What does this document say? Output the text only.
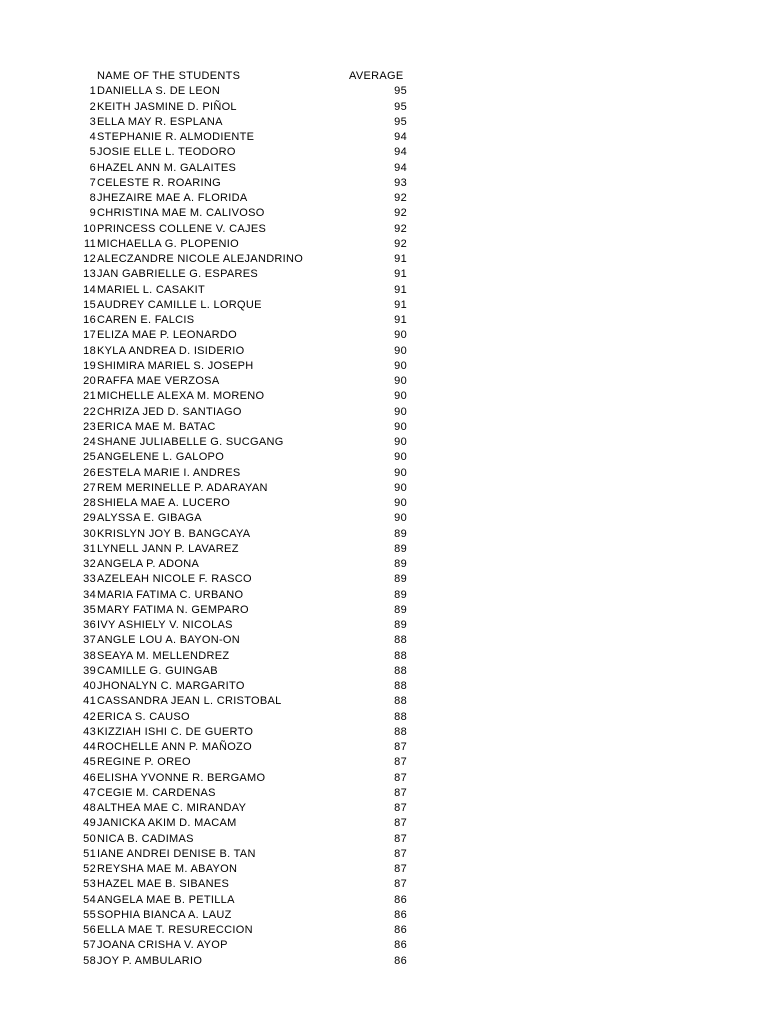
NAME OF THE STUDENTS	AVERAGE
1 DANIELLA S. DE LEON	95
2 KEITH JASMINE D. PIÑOL	95
3 ELLA MAY R. ESPLANA	95
4 STEPHANIE R. ALMODIENTE	94
5 JOSIE ELLE L. TEODORO	94
6 HAZEL ANN M. GALAITES	94
7 CELESTE R. ROARING	93
8 JHEZAIRE MAE A. FLORIDA	92
9 CHRISTINA MAE M. CALIVOSO	92
10 PRINCESS COLLENE V. CAJES	92
11 MICHAELLA G. PLOPENIO	92
12 ALECZANDRE NICOLE ALEJANDRINO	91
13 JAN GABRIELLE G. ESPARES	91
14 MARIEL L. CASAKIT	91
15 AUDREY CAMILLE L. LORQUE	91
16 CAREN E. FALCIS	91
17 ELIZA MAE P. LEONARDO	90
18 KYLA ANDREA D. ISIDERIO	90
19 SHIMIRA MARIEL S. JOSEPH	90
20 RAFFA MAE VERZOSA	90
21 MICHELLE ALEXA M. MORENO	90
22 CHRIZA JED D. SANTIAGO	90
23 ERICA MAE M. BATAC	90
24 SHANE JULIABELLE G. SUCGANG	90
25 ANGELENE L. GALOPO	90
26 ESTELA MARIE I. ANDRES	90
27 REM MERINELLE P. ADARAYAN	90
28 SHIELA MAE A. LUCERO	90
29 ALYSSA E. GIBAGA	90
30 KRISLYN JOY B. BANGCAYA	89
31 LYNELL JANN P. LAVAREZ	89
32 ANGELA P. ADONA	89
33 AZELEAH NICOLE F. RASCO	89
34 MARIA FATIMA C. URBANO	89
35 MARY FATIMA N. GEMPARO	89
36 IVY ASHIELY V. NICOLAS	89
37 ANGLE LOU A. BAYON-ON	88
38 SEAYA M. MELLENDREZ	88
39 CAMILLE G. GUINGAB	88
40 JHONALYN C. MARGARITO	88
41 CASSANDRA JEAN L. CRISTOBAL	88
42 ERICA S. CAUSO	88
43 KIZZIAH ISHI C. DE GUERTO	88
44 ROCHELLE ANN P. MAÑOZO	87
45 REGINE P. OREO	87
46 ELISHA YVONNE R. BERGAMO	87
47 CEGIE M. CARDENAS	87
48 ALTHEA MAE C. MIRANDAY	87
49 JANICKA AKIM D. MACAM	87
50 NICA B. CADIMAS	87
51 IANE ANDREI DENISE B. TAN	87
52 REYSHA MAE M. ABAYON	87
53 HAZEL MAE B. SIBANES	87
54 ANGELA MAE B. PETILLA	86
55 SOPHIA BIANCA A. LAUZ	86
56 ELLA MAE T. RESURECCION	86
57 JOANA CRISHA V. AYOP	86
58 JOY P. AMBULARIO	86
